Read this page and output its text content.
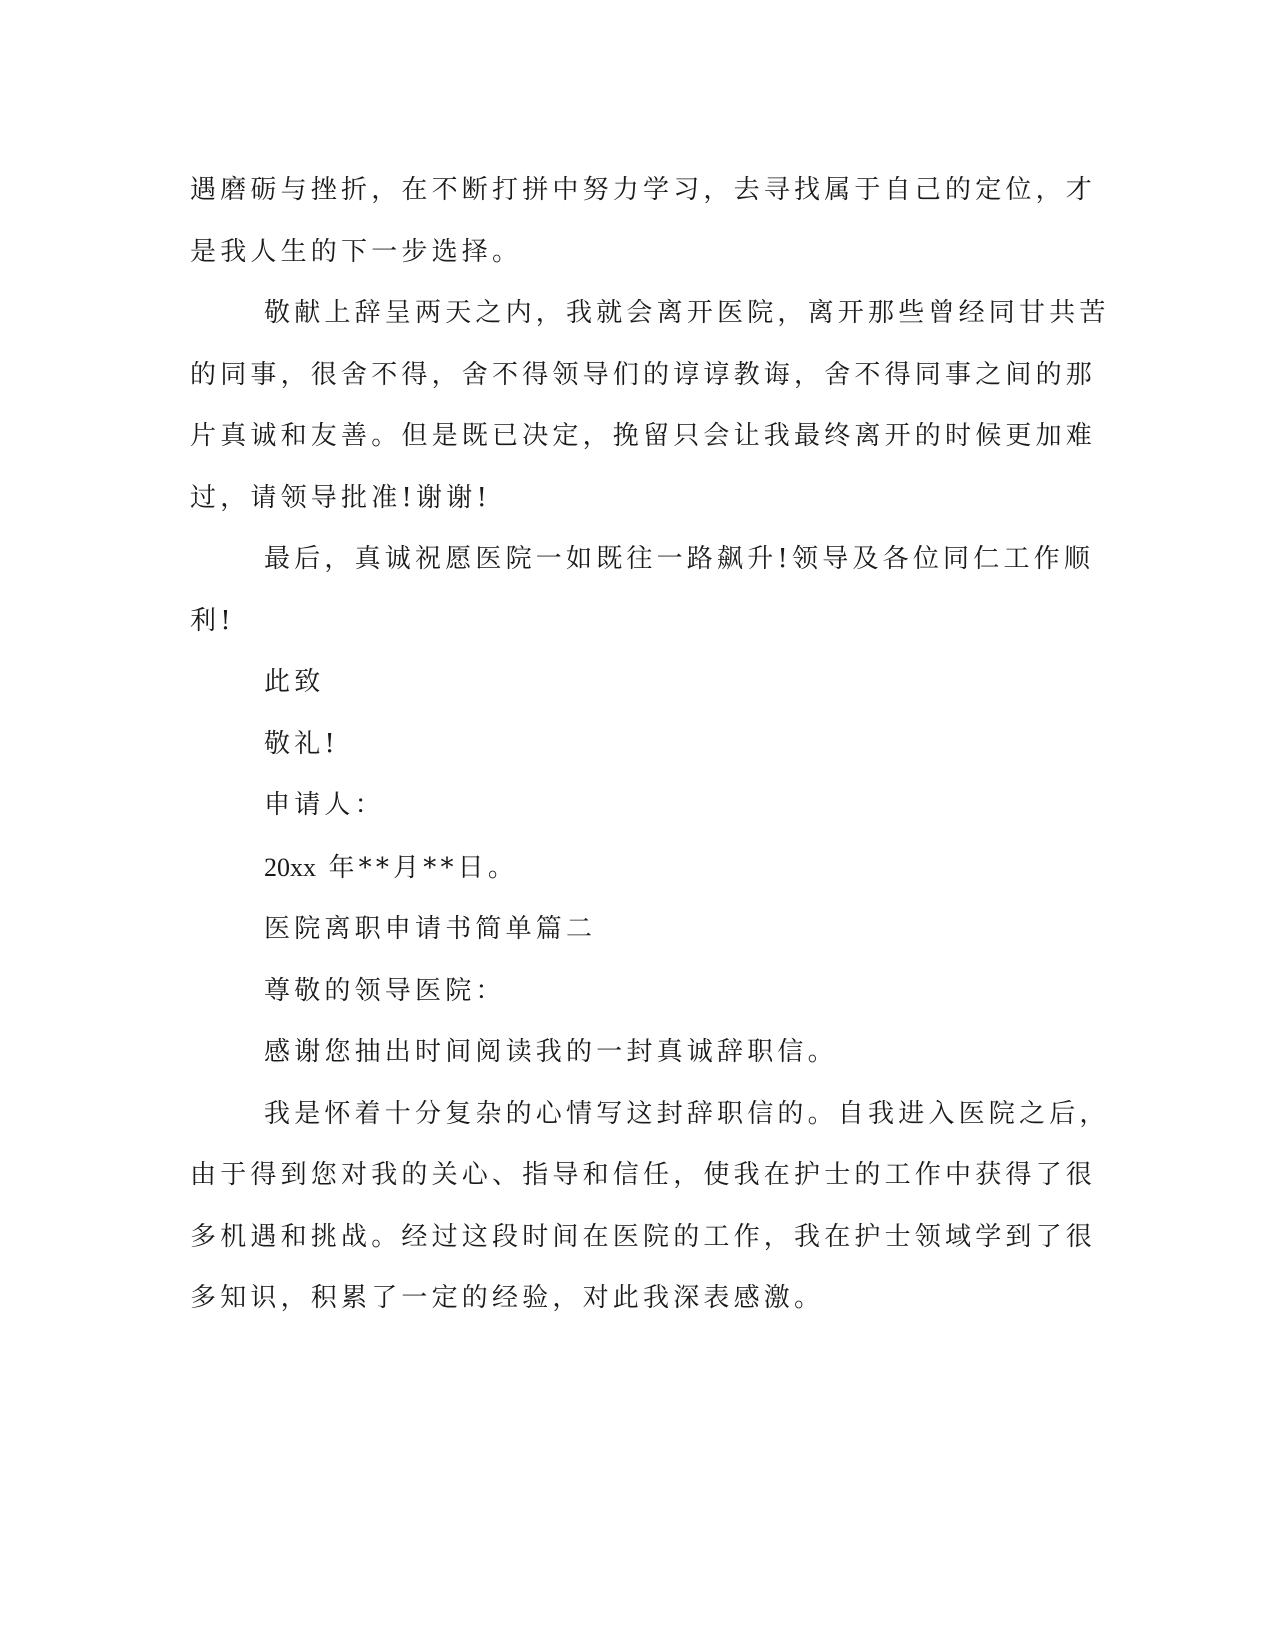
遇磨砺与挫折，在不断打拼中努力学习，去寻找属于自己的定位，才
是我人生的下一步选择。

敬献上辞呈两天之内，我就会离开医院，离开那些曾经同甘共苦
的同事，很舍不得，舍不得领导们的谆谆教诲，舍不得同事之间的那
片真诚和友善。但是既已决定，挽留只会让我最终离开的时候更加难
过，请领导批准!谢谢!

最后，真诚祝愿医院一如既往一路飙升!领导及各位同仁工作顺
利!

此致

敬礼!

申请人：

20xx 年**月**日。

医院离职申请书简单篇二

尊敬的领导医院：

感谢您抽出时间阅读我的一封真诚辞职信。

我是怀着十分复杂的心情写这封辞职信的。自我进入医院之后，
由于得到您对我的关心、指导和信任，使我在护士的工作中获得了很
多机遇和挑战。经过这段时间在医院的工作，我在护士领域学到了很
多知识，积累了一定的经验，对此我深表感激。
